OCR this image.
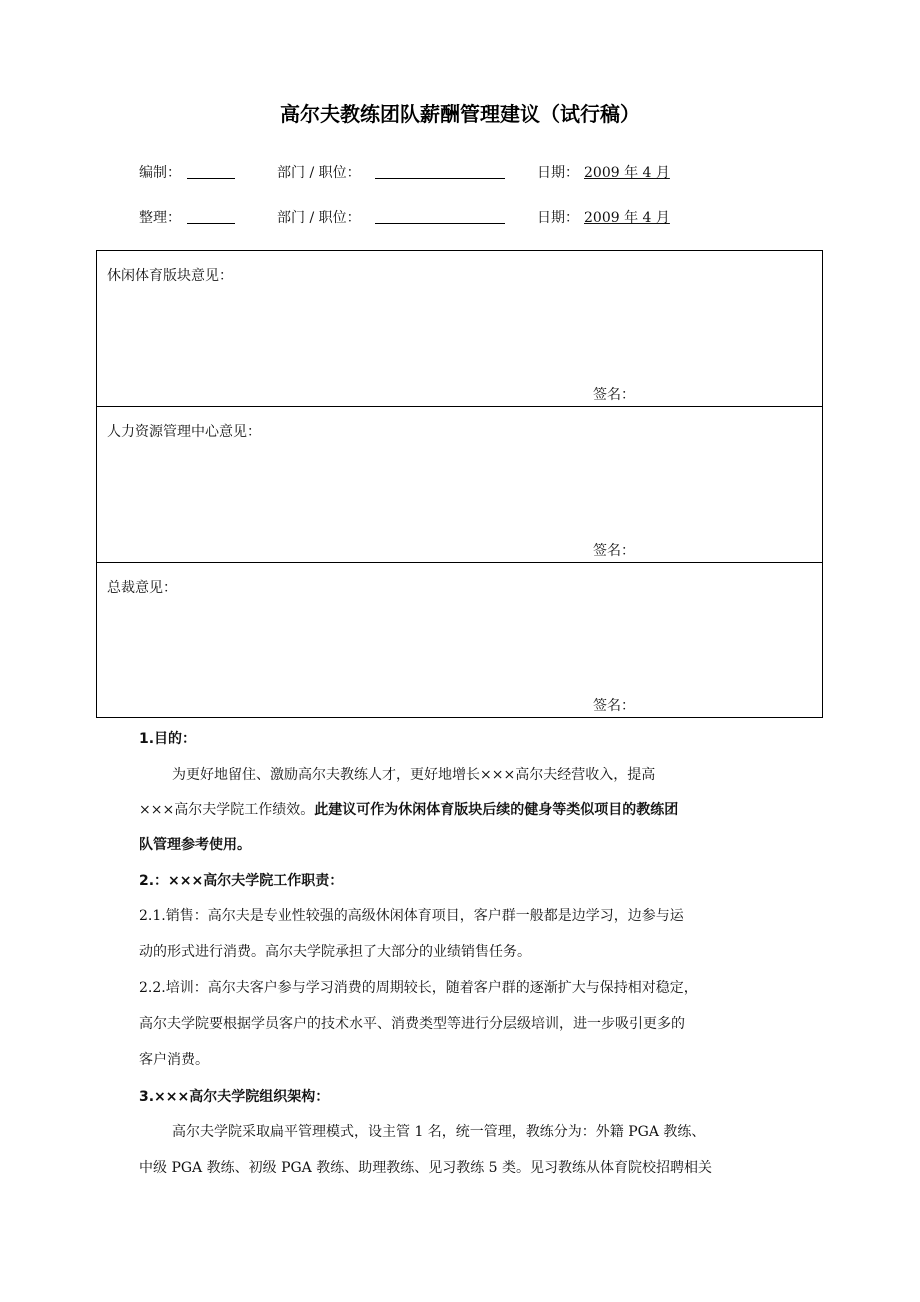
高尔夫教练团队薪酬管理建议（试行稿）
编制：	部门 / 职位：	日期： 2009 年 4 月
整理：	部门 / 职位：	日期： 2009 年 4 月
休闲体育版块意见：
签名：
人力资源管理中心意见：
签名：
总裁意见：
签名：
1.目的：
为更好地留住、激励高尔夫教练人才，更好地增长×××高尔夫经营收入，提高
×××高尔夫学院工作绩效。此建议可作为休闲体育版块后续的健身等类似项目的教练团
队管理参考使用。
2.：×××高尔夫学院工作职责：
2.1.销售：高尔夫是专业性较强的高级休闲体育项目，客户群一般都是边学习，边参与运
动的形式进行消费。高尔夫学院承担了大部分的业绩销售任务。
2.2.培训：高尔夫客户参与学习消费的周期较长，随着客户群的逐渐扩大与保持相对稳定，
高尔夫学院要根据学员客户的技术水平、消费类型等进行分层级培训，进一步吸引更多的
客户消费。
3.×××高尔夫学院组织架构：
高尔夫学院采取扁平管理模式，设主管 1 名，统一管理，教练分为：外籍 PGA 教练、
中级 PGA 教练、初级 PGA 教练、助理教练、见习教练 5 类。见习教练从体育院校招聘相关
